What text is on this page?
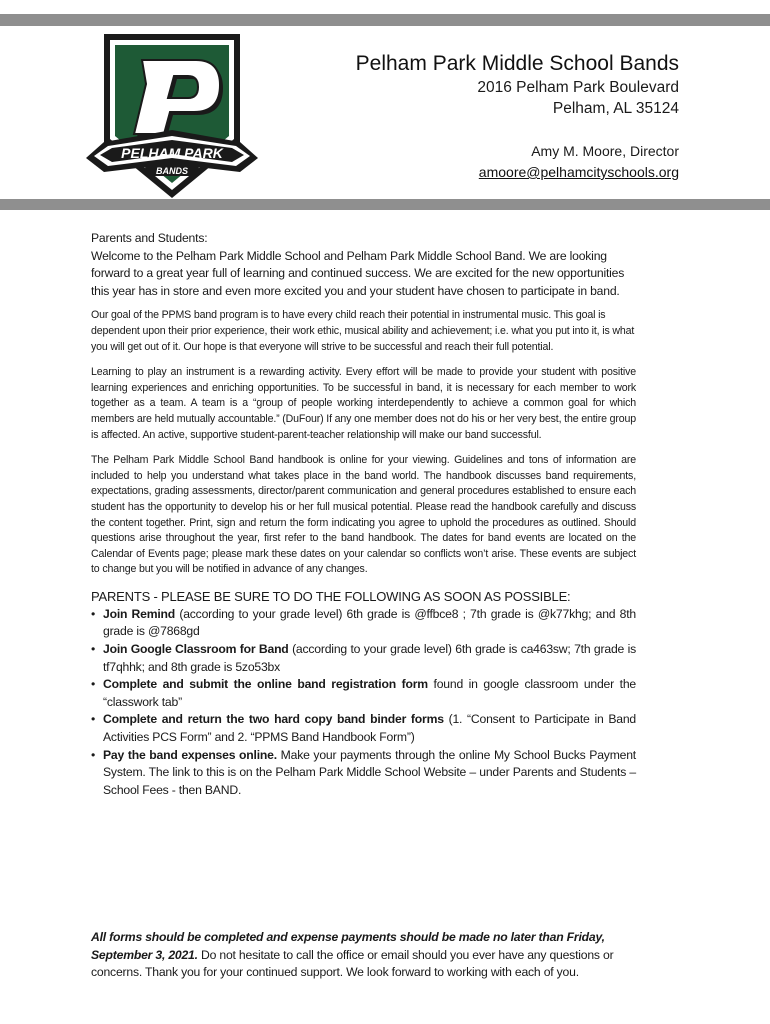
PELHAM PARK
BANDS
Pelham Park Middle School Bands
2016 Pelham Park Boulevard
Pelham, AL 35124
Amy M. Moore, Director
amoore@pelhamcityschools.org

Parents and Students:

Welcome to the Pelham Park Middle School and Pelham Park Middle School Band. We are looking forward to a great year full of learning and continued success. We are excited for the new opportunities this year has in store and even more excited you and your student have chosen to participate in band.

Our goal of the PPMS band program is to have every child reach their potential in instrumental music. This goal is dependent upon their prior experience, their work ethic, musical ability and achievement; i.e. what you put into it, is what you will get out of it. Our hope is that everyone will strive to be successful and reach their full potential.

Learning to play an instrument is a rewarding activity. Every effort will be made to provide your student with positive learning experiences and enriching opportunities. To be successful in band, it is necessary for each member to work together as a team. A team is a “group of people working interdependently to achieve a common goal for which members are held mutually accountable.” (DuFour) If any one member does not do his or her very best, the entire group is affected. An active, supportive student-parent-teacher relationship will make our band successful.

The Pelham Park Middle School Band handbook is online for your viewing. Guidelines and tons of information are included to help you understand what takes place in the band world. The handbook discusses band requirements, expectations, grading assessments, director/parent communication and general procedures established to ensure each student has the opportunity to develop his or her full musical potential. Please read the handbook carefully and discuss the content together. Print, sign and return the form indicating you agree to uphold the procedures as outlined. Should questions arise throughout the year, first refer to the band handbook. The dates for band events are located on the Calendar of Events page; please mark these dates on your calendar so conflicts won’t arise. These events are subject to change but you will be notified in advance of any changes.

PARENTS - PLEASE BE SURE TO DO THE FOLLOWING AS SOON AS POSSIBLE:

• Join Remind (according to your grade level) 6th grade is @ffbce8 ; 7th grade is @k77khg; and 8th grade is @7868gd
• Join Google Classroom for Band (according to your grade level) 6th grade is ca463sw; 7th grade is tf7qhhk; and 8th grade is 5zo53bx
• Complete and submit the online band registration form found in google classroom under the “classwork tab”
• Complete and return the two hard copy band binder forms (1. “Consent to Participate in Band Activities PCS Form” and 2. “PPMS Band Handbook Form”)
• Pay the band expenses online. Make your payments through the online My School Bucks Payment System. The link to this is on the Pelham Park Middle School Website – under Parents and Students – School Fees - then BAND.
All forms should be completed and expense payments should be made no later than Friday, September 3, 2021. Do not hesitate to call the office or email should you ever have any questions or concerns. Thank you for your continued support. We look forward to working with each of you.
